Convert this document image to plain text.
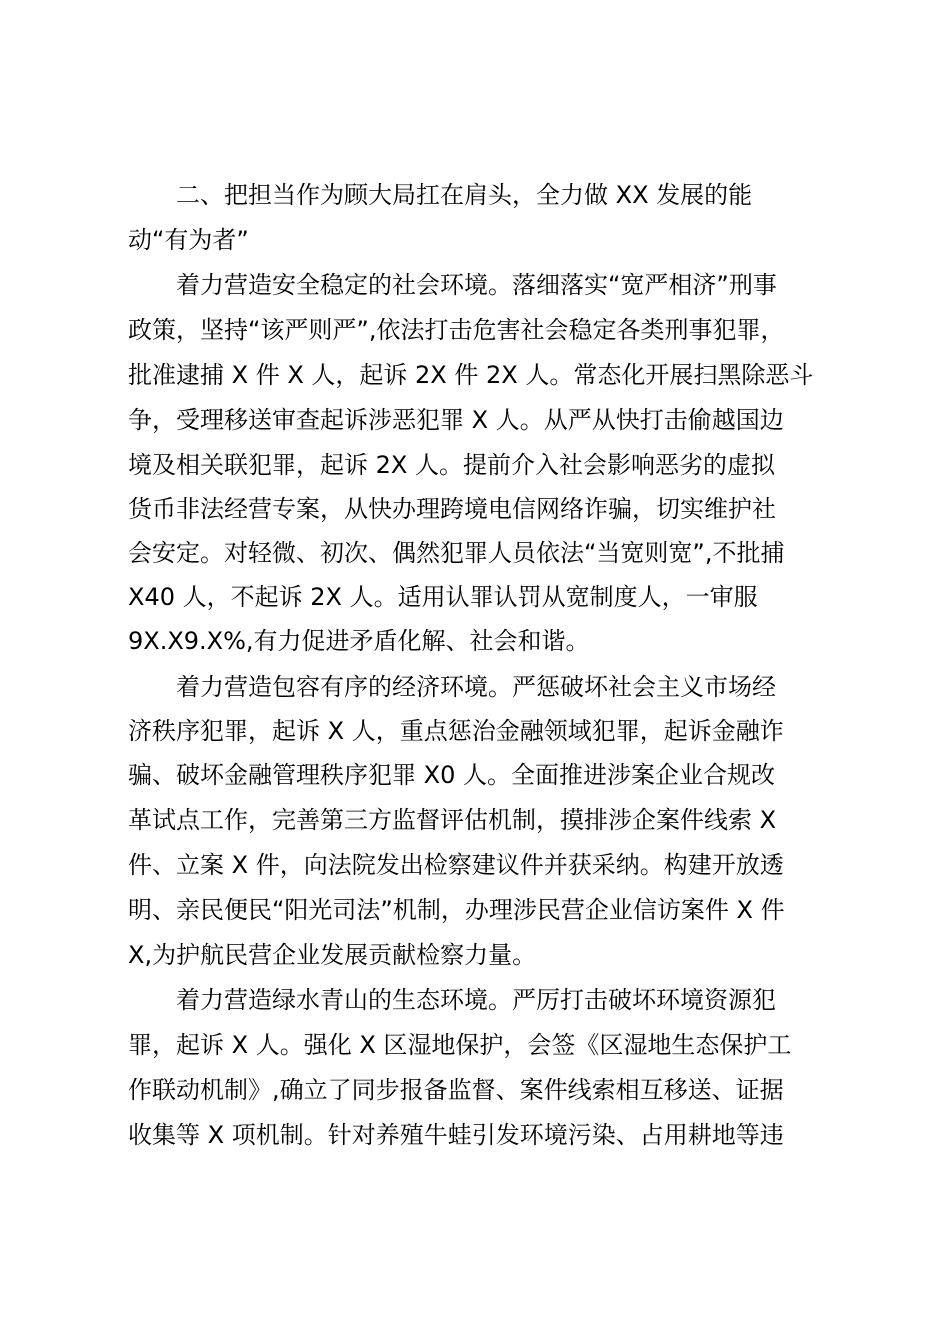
二、把担当作为顾大局扛在肩头，全力做 XX 发展的能

动“有为者”

着力营造安全稳定的社会环境。落细落实“宽严相济”刑事

政策，坚持“该严则严”,依法打击危害社会稳定各类刑事犯罪，

批准逮捕 X 件 X 人，起诉 2X 件 2X 人。常态化开展扫黑除恶斗

争，受理移送审查起诉涉恶犯罪 X 人。从严从快打击偷越国边

境及相关联犯罪，起诉 2X 人。提前介入社会影响恶劣的虚拟

货币非法经营专案，从快办理跨境电信网络诈骗，切实维护社

会安定。对轻微、初次、偶然犯罪人员依法“当宽则宽”,不批捕

X40 人，不起诉 2X 人。适用认罪认罚从宽制度人，一审服

9X.X9.X%,有力促进矛盾化解、社会和谐。

着力营造包容有序的经济环境。严惩破坏社会主义市场经

济秩序犯罪，起诉 X 人，重点惩治金融领域犯罪，起诉金融诈

骗、破坏金融管理秩序犯罪 X0 人。全面推进涉案企业合规改

革试点工作，完善第三方监督评估机制，摸排涉企案件线索 X

件、立案 X 件，向法院发出检察建议件并获采纳。构建开放透

明、亲民便民“阳光司法”机制，办理涉民营企业信访案件 X 件

X,为护航民营企业发展贡献检察力量。

着力营造绿水青山的生态环境。严厉打击破坏环境资源犯

罪，起诉 X 人。强化 X 区湿地保护，会签《区湿地生态保护工

作联动机制》,确立了同步报备监督、案件线索相互移送、证据

收集等 X 项机制。针对养殖牛蛙引发环境污染、占用耕地等违
